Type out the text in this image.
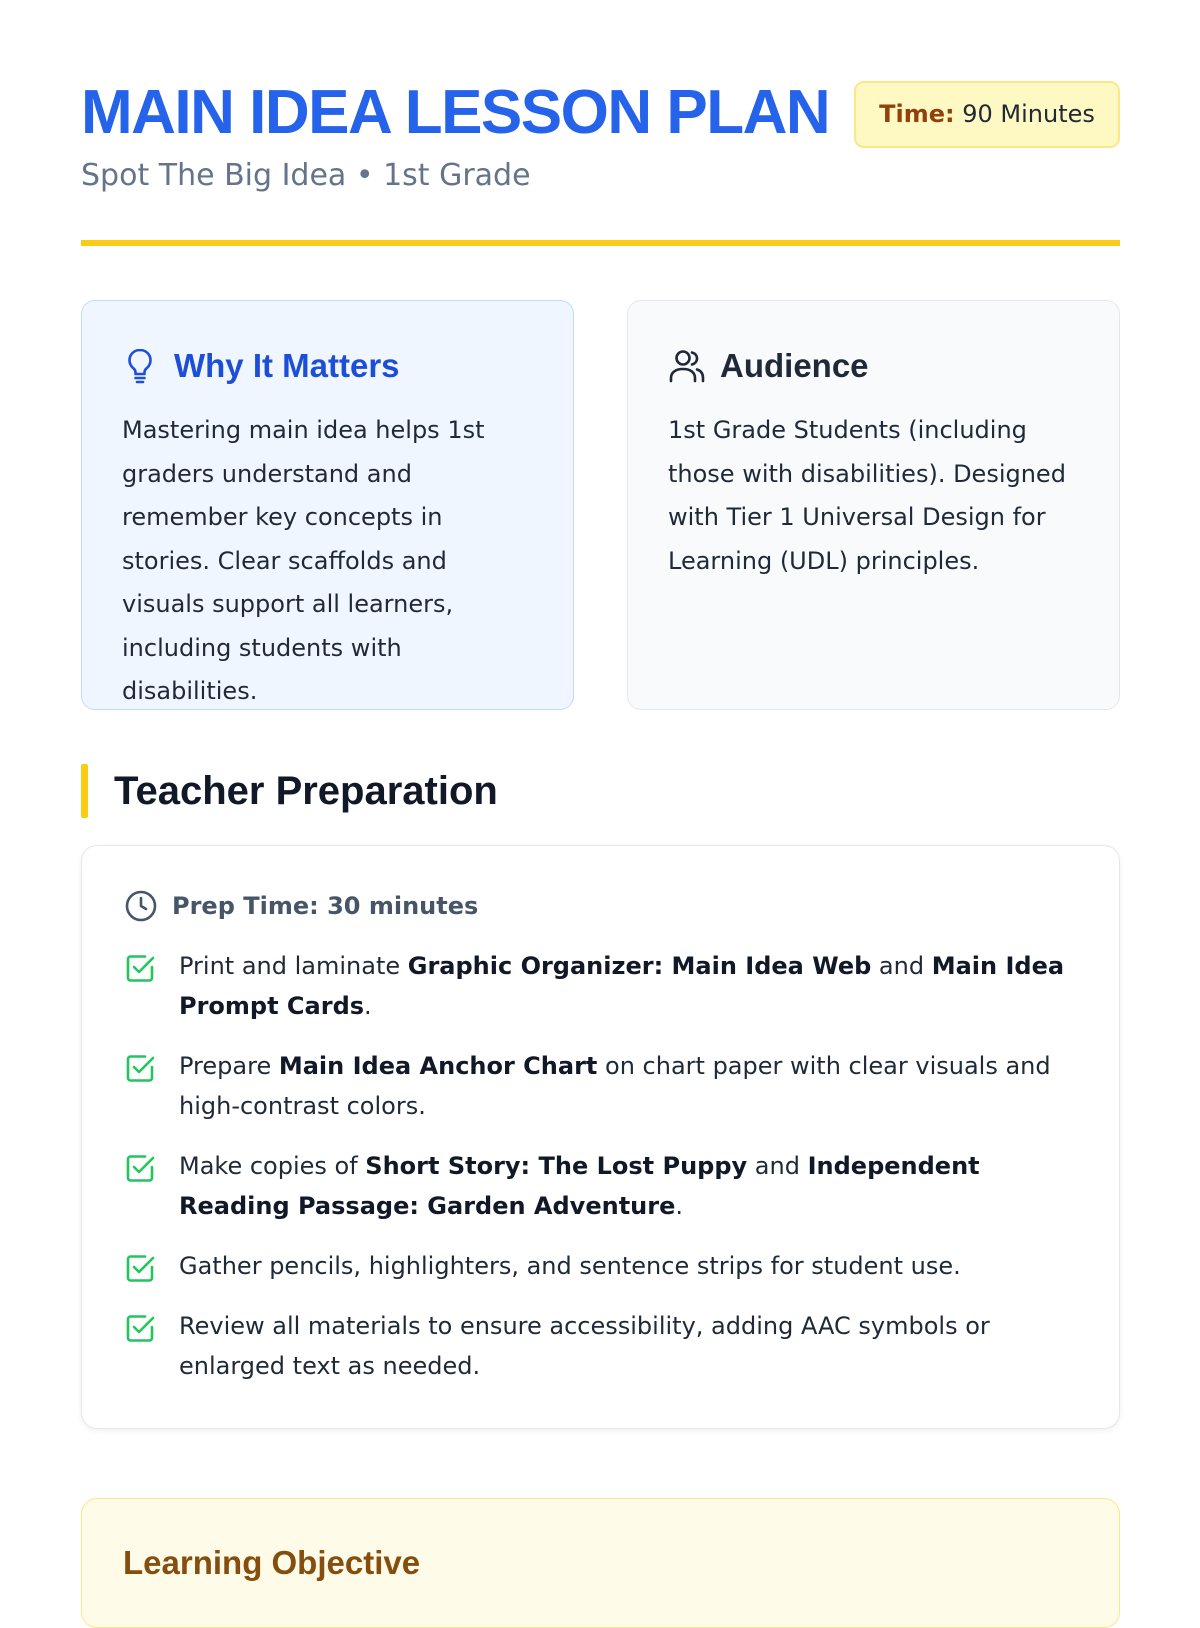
MAIN IDEA LESSON PLAN
Spot The Big Idea • 1st Grade
Time: 90 Minutes
Why It Matters

Mastering main idea helps 1st graders understand and remember key concepts in stories. Clear scaffolds and visuals support all learners, including students with disabilities.

Audience

1st Grade Students (including those with disabilities). Designed with Tier 1 Universal Design for Learning (UDL) principles.

Teacher Preparation
Prep Time: 30 minutes
Print and laminate Graphic Organizer: Main Idea Web and Main Idea Prompt Cards.
Prepare Main Idea Anchor Chart on chart paper with clear visuals and high-contrast colors.
Make copies of Short Story: The Lost Puppy and Independent Reading Passage: Garden Adventure.
Gather pencils, highlighters, and sentence strips for student use.
Review all materials to ensure accessibility, adding AAC symbols or enlarged text as needed.
Learning Objective
